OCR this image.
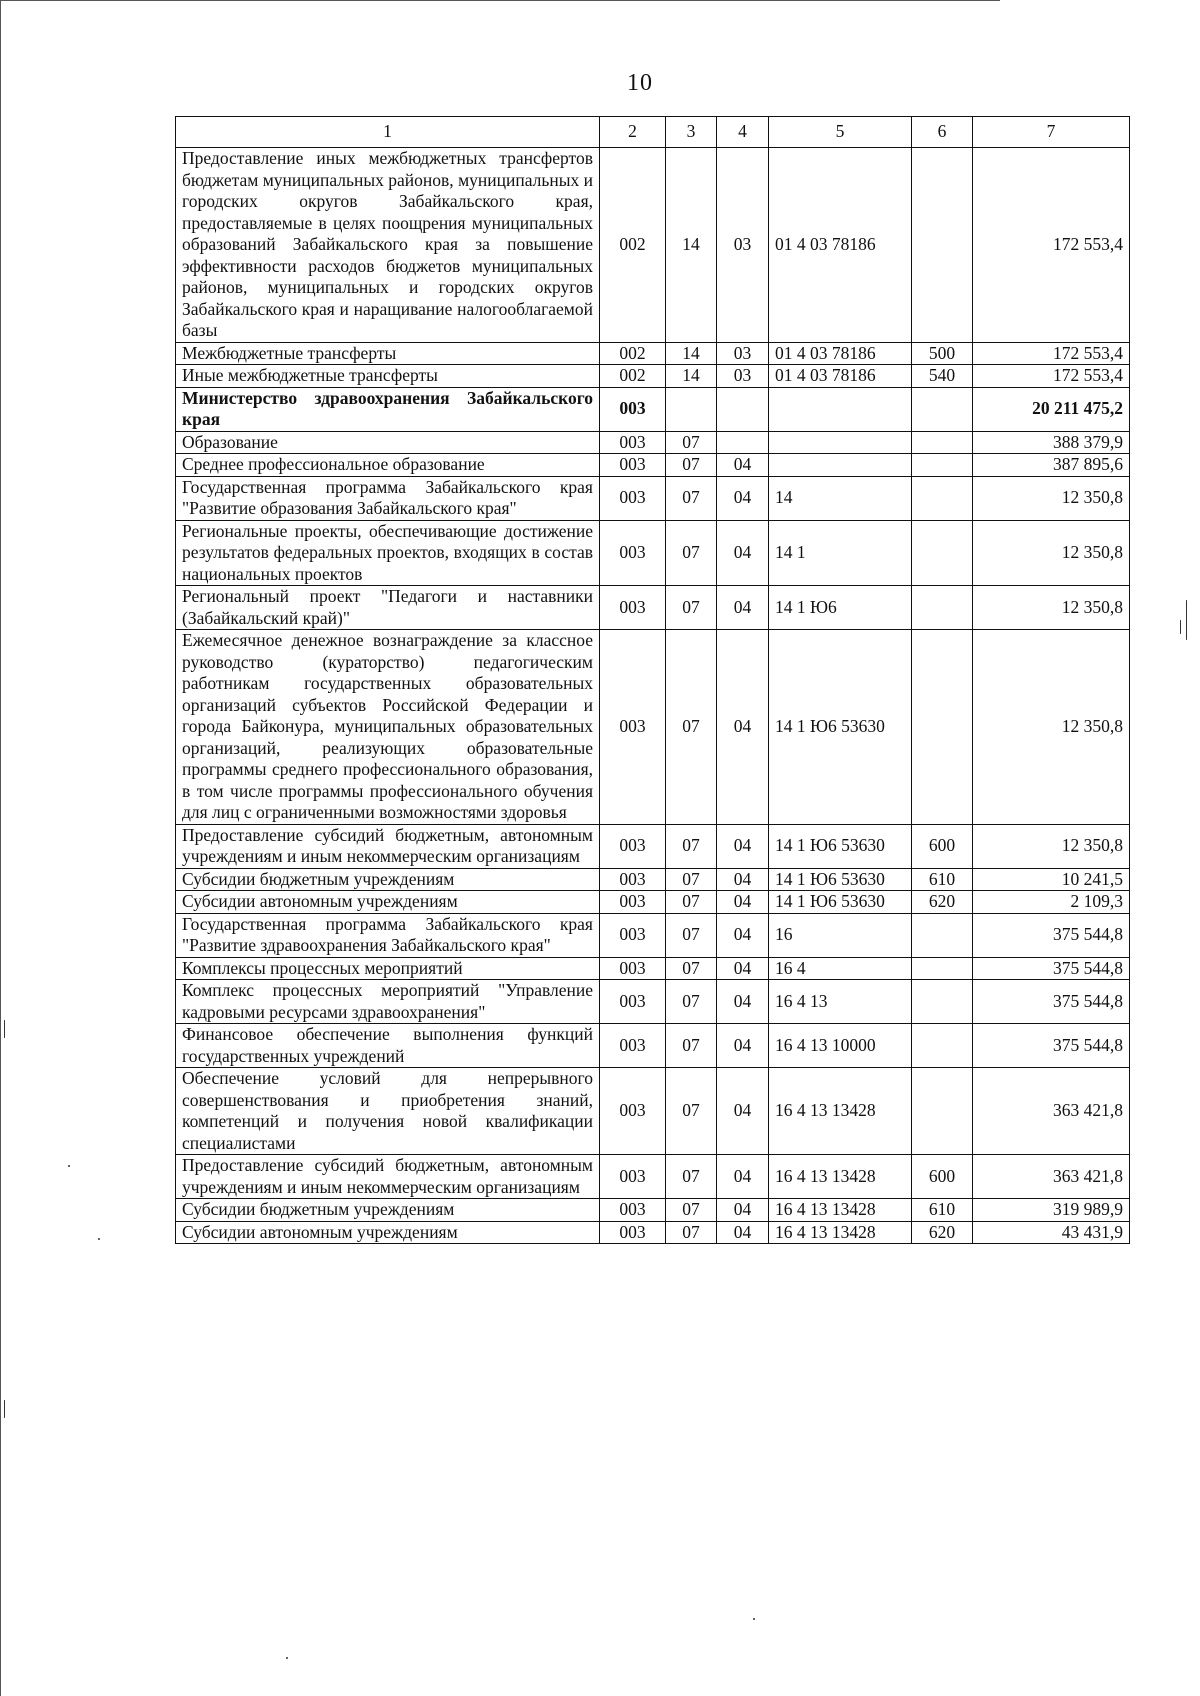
10
1	2	3	4	5	6	7
Предоставление иных межбюджетных трансфертов бюджетам муниципальных районов, муниципальных и городских округов Забайкальского края, предоставляемые в целях поощрения муниципальных образований Забайкальского края за повышение эффективности расходов бюджетов муниципальных районов, муниципальных и городских округов Забайкальского края и наращивание налогооблагаемой базы	002	14	03	01 4 03 78186		172 553,4
Межбюджетные трансферты	002	14	03	01 4 03 78186	500	172 553,4
Иные межбюджетные трансферты	002	14	03	01 4 03 78186	540	172 553,4
Министерство здравоохранения Забайкальского края	003					20 211 475,2
Образование	003	07				388 379,9
Среднее профессиональное образование	003	07	04			387 895,6
Государственная программа Забайкальского края "Развитие образования Забайкальского края"	003	07	04	14		12 350,8
Региональные проекты, обеспечивающие достижение результатов федеральных проектов, входящих в состав национальных проектов	003	07	04	14 1		12 350,8
Региональный проект "Педагоги и наставники (Забайкальский край)"	003	07	04	14 1 Ю6		12 350,8
Ежемесячное денежное вознаграждение за классное руководство (кураторство) педагогическим работникам государственных образовательных организаций субъектов Российской Федерации и города Байконура, муниципальных образовательных организаций, реализующих образовательные программы среднего профессионального образования, в том числе программы профессионального обучения для лиц с ограниченными возможностями здоровья	003	07	04	14 1 Ю6 53630		12 350,8
Предоставление субсидий бюджетным, автономным учреждениям и иным некоммерческим организациям	003	07	04	14 1 Ю6 53630	600	12 350,8
Субсидии бюджетным учреждениям	003	07	04	14 1 Ю6 53630	610	10 241,5
Субсидии автономным учреждениям	003	07	04	14 1 Ю6 53630	620	2 109,3
Государственная программа Забайкальского края "Развитие здравоохранения Забайкальского края"	003	07	04	16		375 544,8
Комплексы процессных мероприятий	003	07	04	16 4		375 544,8
Комплекс процессных мероприятий "Управление кадровыми ресурсами здравоохранения"	003	07	04	16 4 13		375 544,8
Финансовое обеспечение выполнения функций государственных учреждений	003	07	04	16 4 13 10000		375 544,8
Обеспечение условий для непрерывного совершенствования и приобретения знаний, компетенций и получения новой квалификации специалистами	003	07	04	16 4 13 13428		363 421,8
Предоставление субсидий бюджетным, автономным учреждениям и иным некоммерческим организациям	003	07	04	16 4 13 13428	600	363 421,8
Субсидии бюджетным учреждениям	003	07	04	16 4 13 13428	610	319 989,9
Субсидии автономным учреждениям	003	07	04	16 4 13 13428	620	43 431,9
